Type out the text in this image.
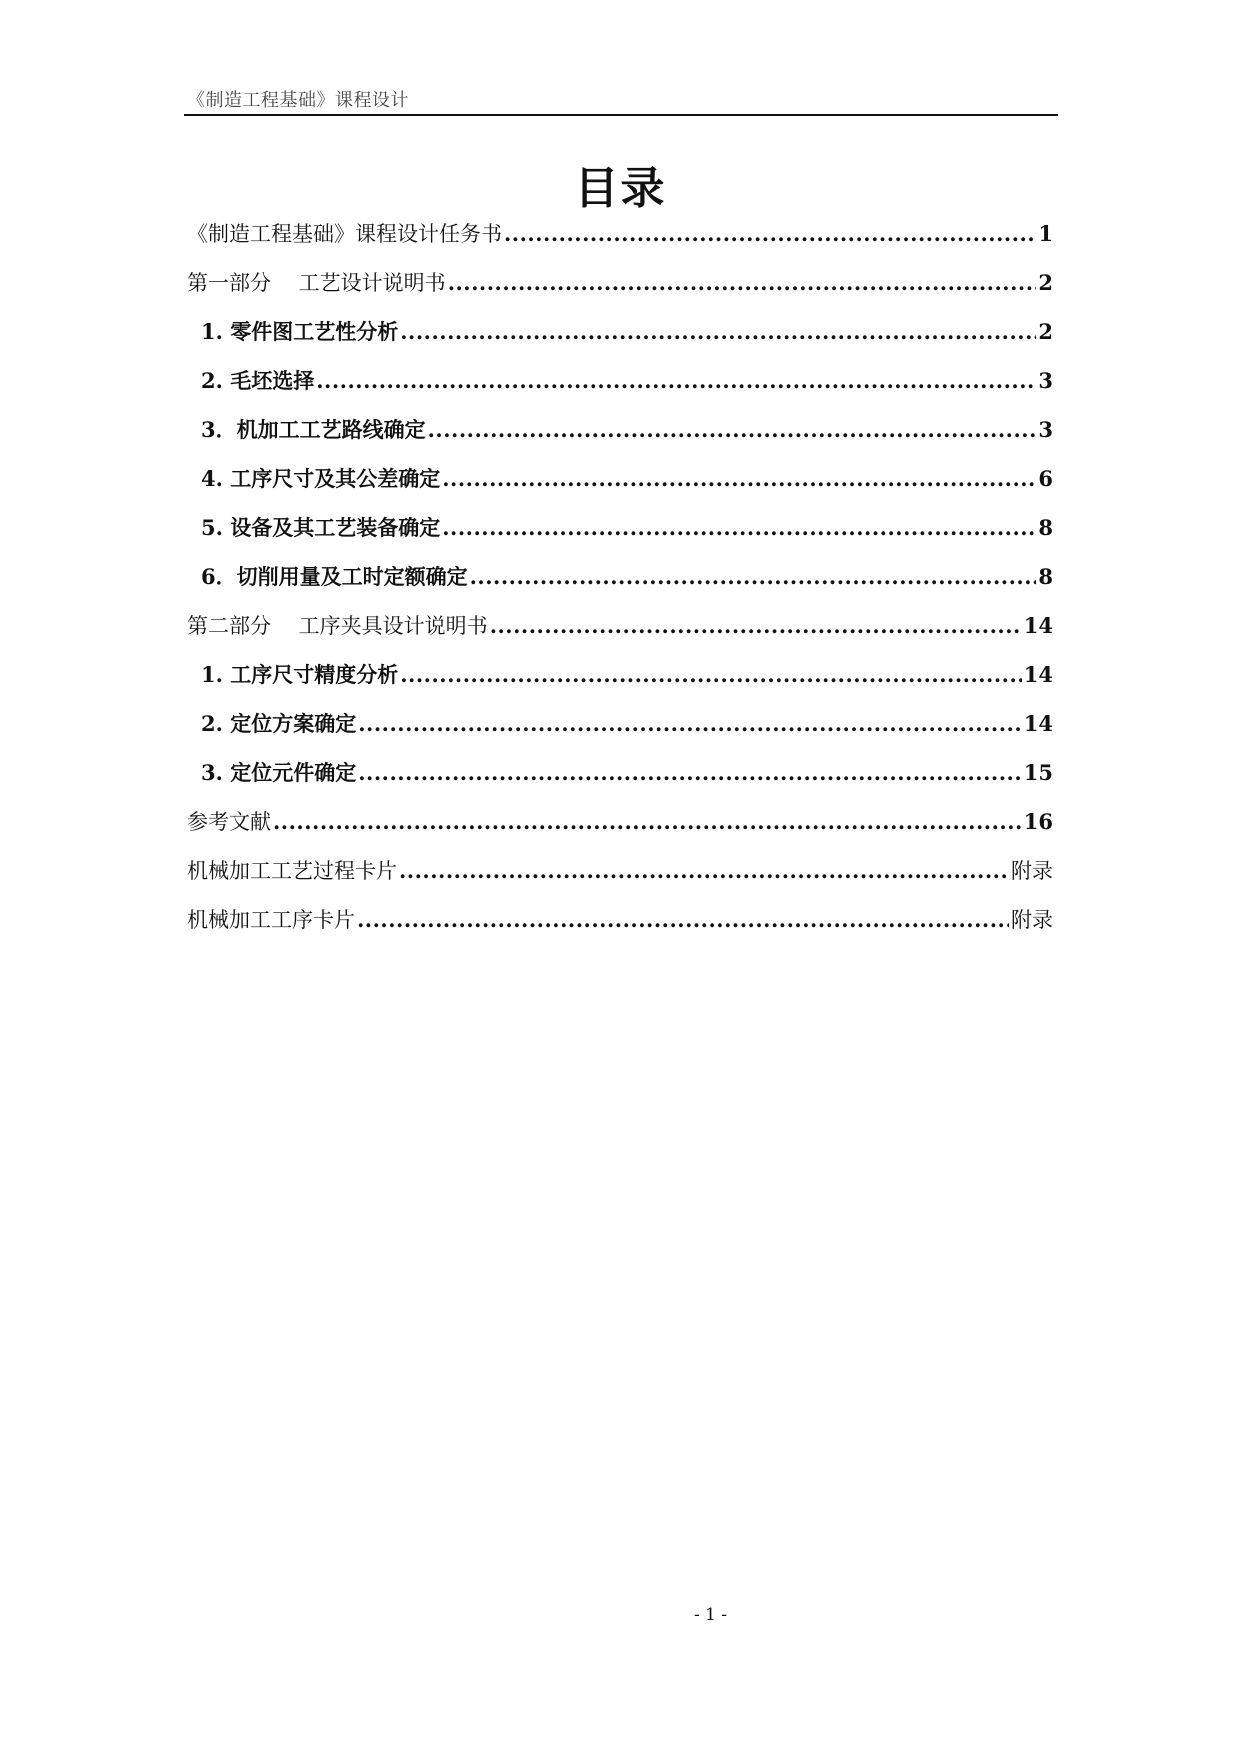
《制造工程基础》课程设计
目录
《制造工程基础》课程设计任务书 .....	1
第一部分　 工艺设计说明书 .....	2
1. 零件图工艺性分析 .....	2
2. 毛坯选择 .....	3
3．机加工工艺路线确定 .....	3
4. 工序尺寸及其公差确定 .....	6
5. 设备及其工艺装备确定 .....	8
6．切削用量及工时定额确定 .....	8
第二部分　 工序夹具设计说明书 .....	14
1. 工序尺寸精度分析 .....	14
2. 定位方案确定 .....	14
3. 定位元件确定 .....	15
参考文献 .....	16
机械加工工艺过程卡片 .....	附录
机械加工工序卡片 .....	附录
- 1 -
